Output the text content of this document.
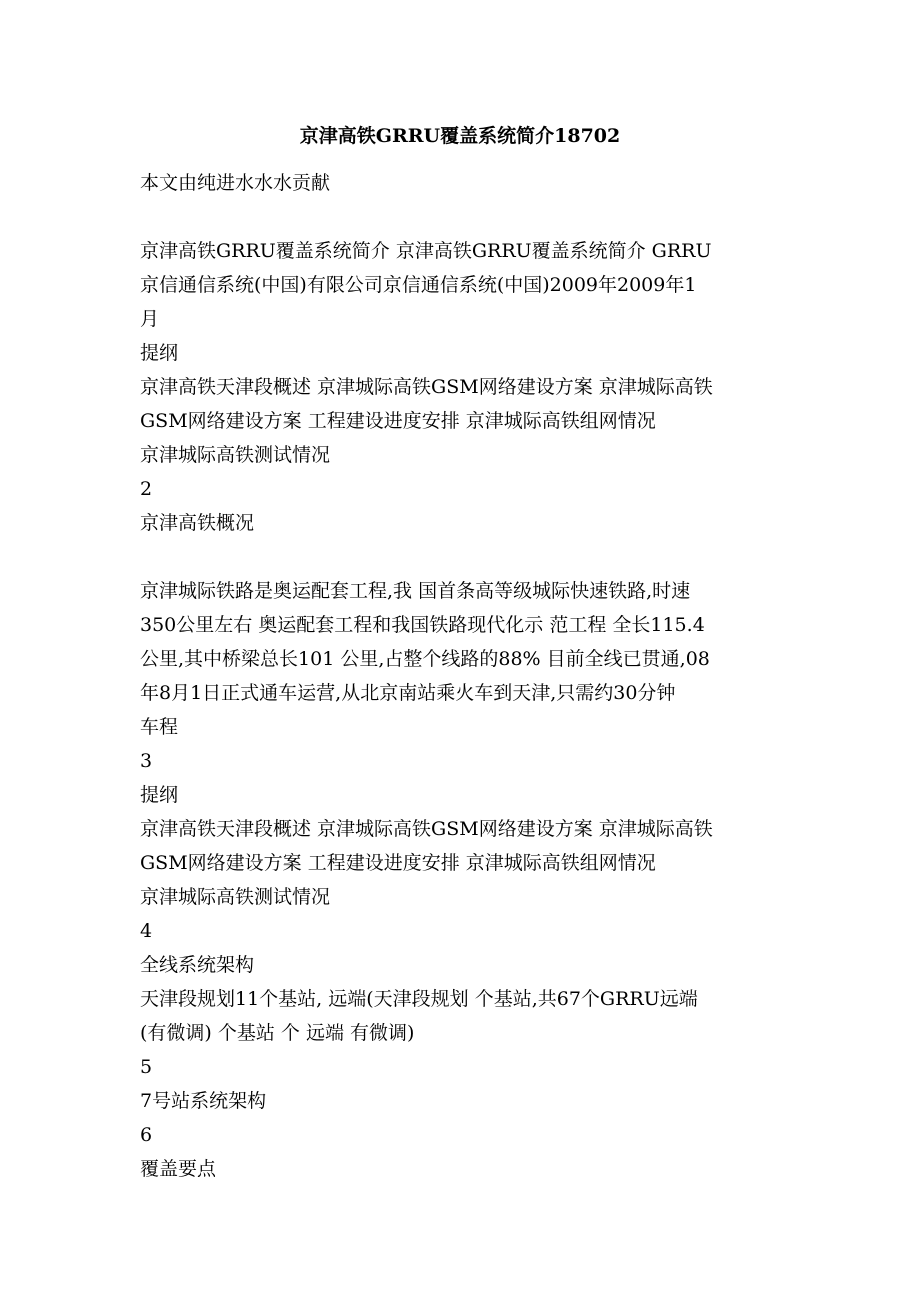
京津高铁GRRU覆盖系统简介18702
本文由纯进水水水贡献
京津高铁GRRU覆盖系统简介 京津高铁GRRU覆盖系统简介 GRRU
京信通信系统(中国)有限公司京信通信系统(中国)2009年2009年1
月
提纲
京津高铁天津段概述 京津城际高铁GSM网络建设方案 京津城际高铁
GSM网络建设方案 工程建设进度安排 京津城际高铁组网情况
京津城际高铁测试情况
2
京津高铁概况
京津城际铁路是奥运配套工程,我 国首条高等级城际快速铁路,时速
350公里左右 奥运配套工程和我国铁路现代化示 范工程 全长115.4
公里,其中桥梁总长101 公里,占整个线路的88% 目前全线已贯通,08
年8月1日正式通车运营,从北京南站乘火车到天津,只需约30分钟
车程
3
提纲
京津高铁天津段概述 京津城际高铁GSM网络建设方案 京津城际高铁
GSM网络建设方案 工程建设进度安排 京津城际高铁组网情况
京津城际高铁测试情况
4
全线系统架构
天津段规划11个基站, 远端(天津段规划 个基站,共67个GRRU远端
(有微调) 个基站 个 远端 有微调)
5
7号站系统架构
6
覆盖要点
